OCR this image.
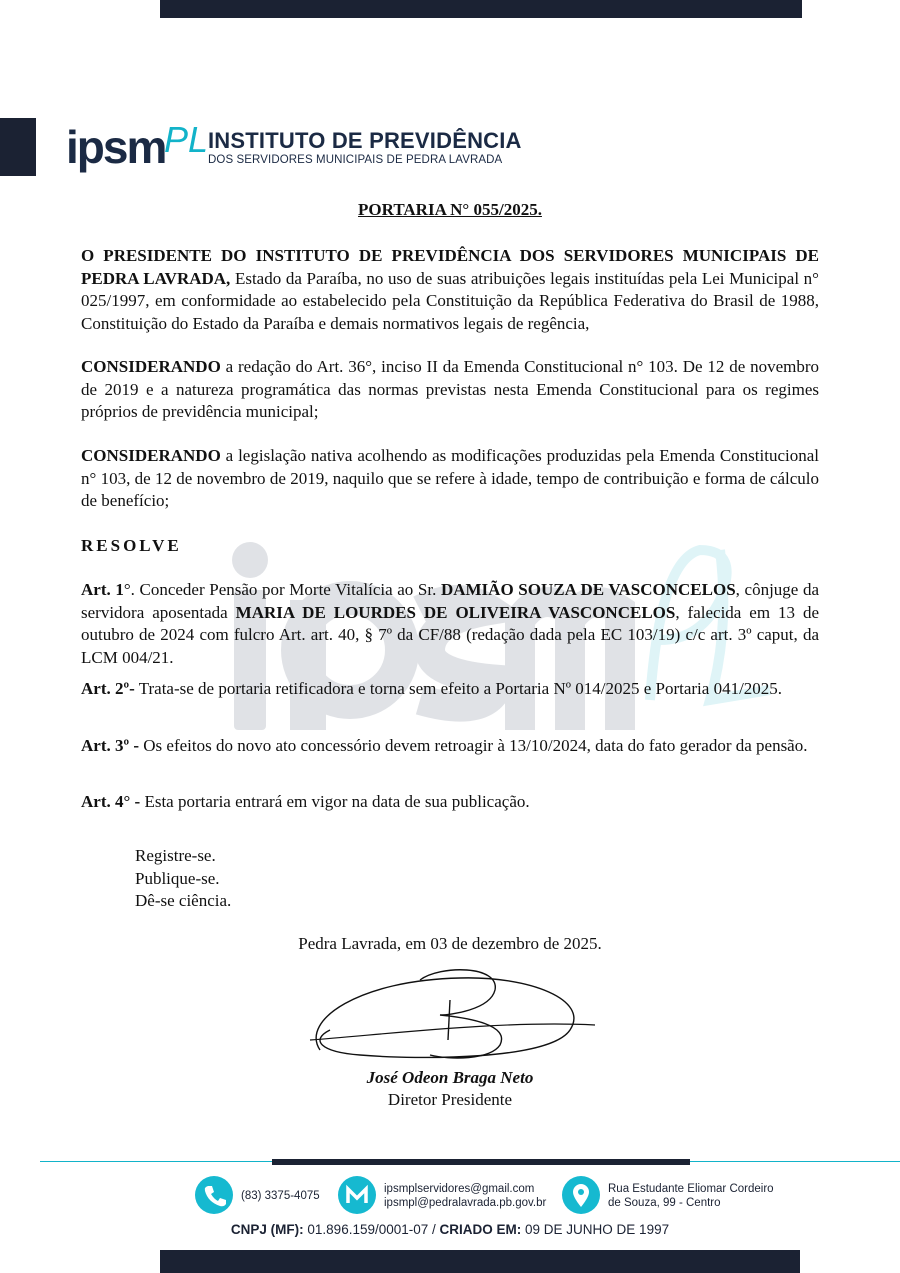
ipsm
PL INSTITUTO DE PREVIDÊNCIA
DOS SERVIDORES MUNICIPAIS DE PEDRA LAVRADA
PORTARIA N° 055/2025.
O PRESIDENTE DO INSTITUTO DE PREVIDÊNCIA DOS SERVIDORES MUNICIPAIS DE PEDRA LAVRADA, Estado da Paraíba, no uso de suas atribuições legais instituídas pela Lei Municipal n° 025/1997, em conformidade ao estabelecido pela Constituição da República Federativa do Brasil de 1988, Constituição do Estado da Paraíba e demais normativos legais de regência,
CONSIDERANDO a redação do Art. 36°, inciso II da Emenda Constitucional n° 103. De 12 de novembro de 2019 e a natureza programática das normas previstas nesta Emenda Constitucional para os regimes próprios de previdência municipal;
CONSIDERANDO a legislação nativa acolhendo as modificações produzidas pela Emenda Constitucional n° 103, de 12 de novembro de 2019, naquilo que se refere à idade, tempo de contribuição e forma de cálculo de benefício;
RESOLVE
Art. 1°. Conceder Pensão por Morte Vitalícia ao Sr. DAMIÃO SOUZA DE VASCONCELOS, cônjuge da servidora aposentada MARIA DE LOURDES DE OLIVEIRA VASCONCELOS, falecida em 13 de outubro de 2024 com fulcro Art. art. 40, § 7º da CF/88 (redação dada pela EC 103/19) c/c art. 3º caput, da LCM 004/21.
Art. 2º- Trata-se de portaria retificadora e torna sem efeito a Portaria Nº 014/2025 e Portaria 041/2025.
Art. 3º - Os efeitos do novo ato concessório devem retroagir à 13/10/2024, data do fato gerador da pensão.
Art. 4° - Esta portaria entrará em vigor na data de sua publicação.
Registre-se.
Publique-se.
Dê-se ciência.
Pedra Lavrada, em 03 de dezembro de 2025.
José Odeon Braga Neto
Diretor Presidente
(83) 3375-4075
ipsmplservidores@gmail.com
ipsmpl@pedralavrada.pb.gov.br
Rua Estudante Eliomar Cordeiro
de Souza, 99 - Centro
CNPJ (MF): 01.896.159/0001-07 / CRIADO EM: 09 DE JUNHO DE 1997
